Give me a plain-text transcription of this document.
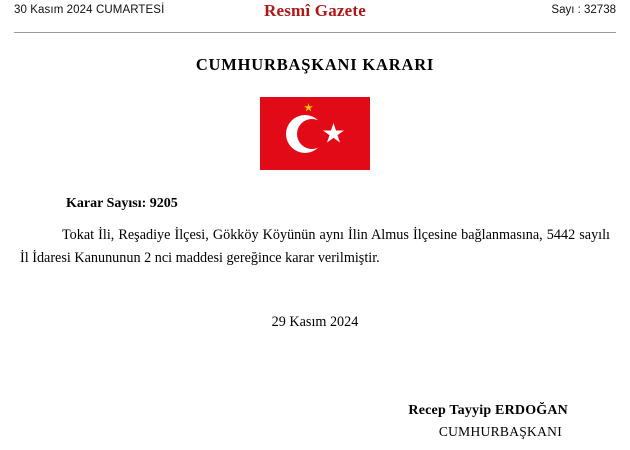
30 Kasım 2024 CUMARTESİ	Resmî Gazete	Sayı : 32738
CUMHURBAŞKANI KARARI
Karar Sayısı: 9205
Tokat İli, Reşadiye İlçesi, Gökköy Köyünün aynı İlin Almus İlçesine bağlanmasına, 5442 sayılı İl İdaresi Kanununun 2 nci maddesi gereğince karar verilmiştir.
29 Kasım 2024
Recep Tayyip ERDOĞAN
CUMHURBAŞKANI
